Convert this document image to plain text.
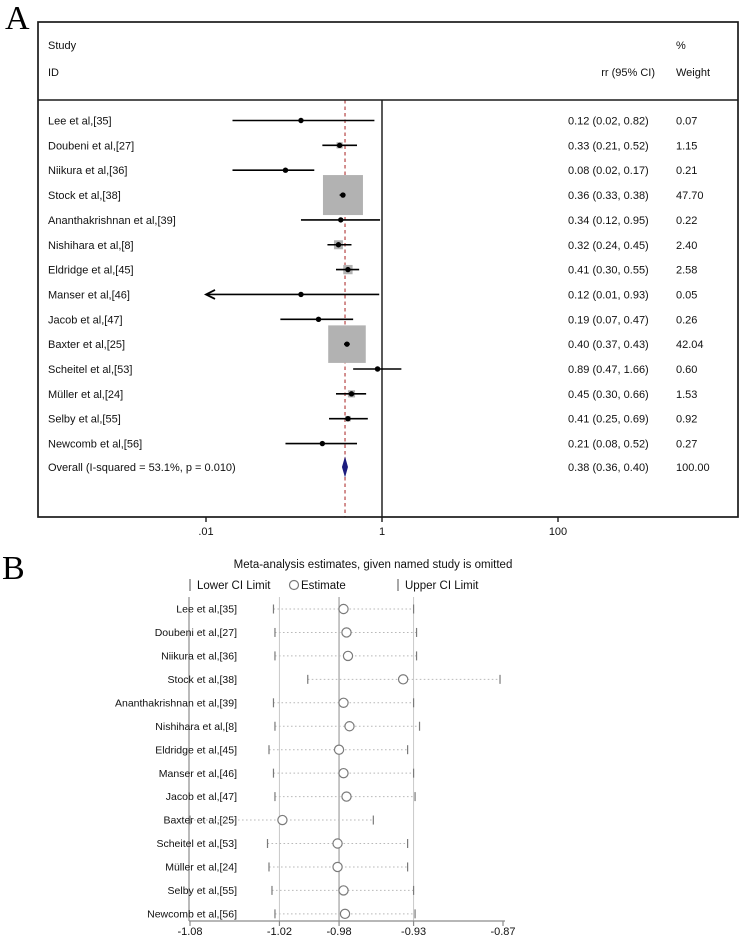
A
B
Study
ID	rr (95% CI)
%
Weight
Lee et al,[35]	0.12 (0.02, 0.82) 0.07
Doubeni et al,[27]	0.33 (0.21, 0.52) 1.15
Niikura et al,[36]	0.08 (0.02, 0.17) 0.21
Stock et al,[38]	0.36 (0.33, 0.38) 47.70
Ananthakrishnan et al,[39]	0.34 (0.12, 0.95) 0.22
Nishihara et al,[8]	0.32 (0.24, 0.45) 2.40
Eldridge et al,[45]	0.41 (0.30, 0.55) 2.58
Manser et al,[46]	0.12 (0.01, 0.93) 0.05
Jacob et al,[47]	0.19 (0.07, 0.47) 0.26
Baxter et al,[25]	0.40 (0.37, 0.43) 42.04
Scheitel et al,[53]	0.89 (0.47, 1.66) 0.60
Müller et al,[24]	0.45 (0.30, 0.66) 1.53
Selby et al,[55]	0.41 (0.25, 0.69) 0.92
Newcomb et al,[56]	0.21 (0.08, 0.52) 0.27
Overall (I-squared = 53.1%, p = 0.010)	0.38 (0.36, 0.40) 100.00
.01	1	100
Meta-analysis estimates, given named study is omitted
Lower CI Limit	Estimate	Upper CI Limit
Lee et al,[35]
Doubeni et al,[27]
Niikura et al,[36]
Stock et al,[38]
Ananthakrishnan et al,[39]
Nishihara et al,[8]
Eldridge et al,[45]
Manser et al,[46]
Jacob et al,[47]
Baxter et al,[25]
Scheitel et al,[53]
Müller et al,[24]
Selby et al,[55]
Newcomb et al,[56]
-1.08	-1.02	-0.98	-0.93	-0.87
